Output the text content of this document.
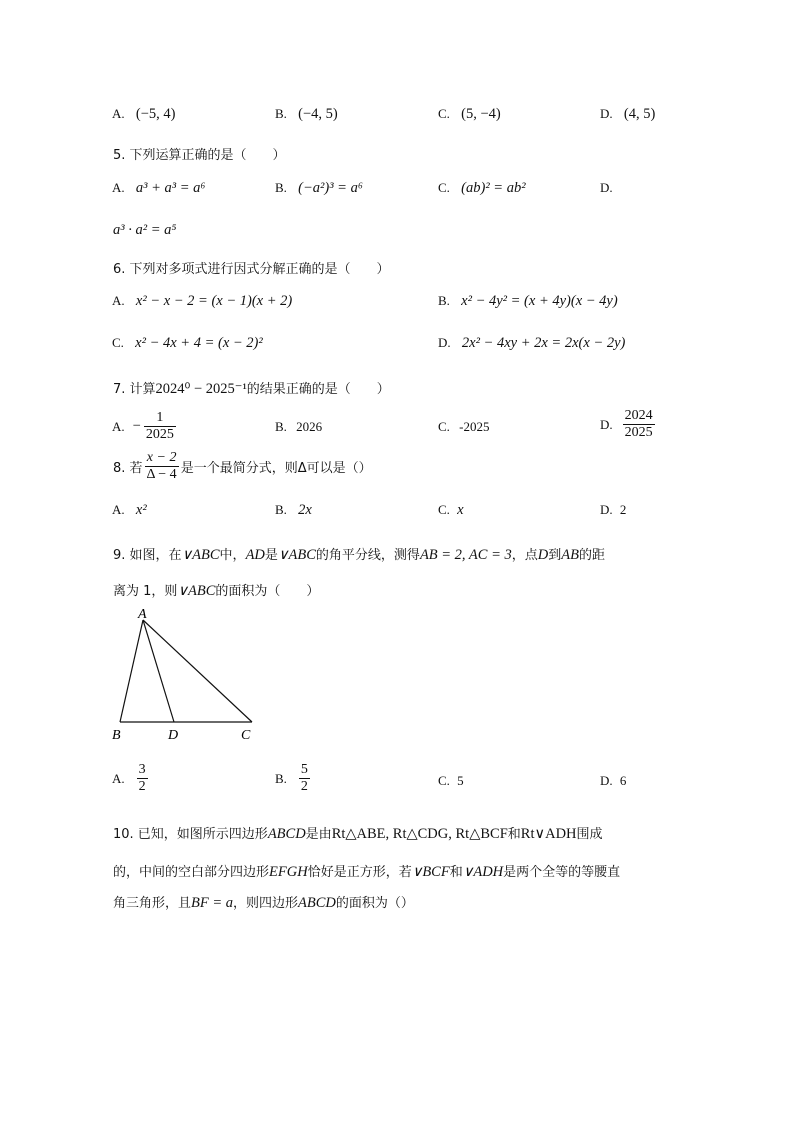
A. (−5, 4)	B. (−4, 5)	C. (5, −4)	D. (4, 5)
5. 下列运算正确的是（　　）
A. a³ + a³ = a⁶	B. (−a²)³ = a⁶	C. (ab)² = ab²	D.
a³ · a² = a⁵
6. 下列对多项式进行因式分解正确的是（　　）
A. x² − x − 2 = (x − 1)(x + 2)	B. x² − 4y² = (x + 4y)(x − 4y)
C. x² − 4x + 4 = (x − 2)²	D. 2x² − 4xy + 2x = 2x(x − 2y)
7. 计算2024⁰ − 2025⁻¹的结果正确的是（　　）
A. − $\frac{1}{2025}$	B. 2026	C. -2025	D. $\frac{2024}{2025}$
8. 若 $\frac{x - 2}{\Delta - 4}$ 是一个最简分式，则Δ可以是（）
A. x²	B. 2x	C. x	D. 2
9. 如图，在∨ABC中，AD是∨ABC的角平分线，测得AB = 2, AC = 3，点D到AB的距
离为 1，则∨ABC的面积为（　　）
A
B	D	C
A. $\frac{3}{2}$	B. $\frac{5}{2}$	C. 5	D. 6
10. 已知，如图所示四边形ABCD是由Rt△ABE, Rt△CDG, Rt△BCF和Rt∨ADH围成
的，中间的空白部分四边形EFGH恰好是正方形，若∨BCF和∨ADH是两个全等的等腰直
角三角形，且BF = a，则四边形ABCD的面积为（）
